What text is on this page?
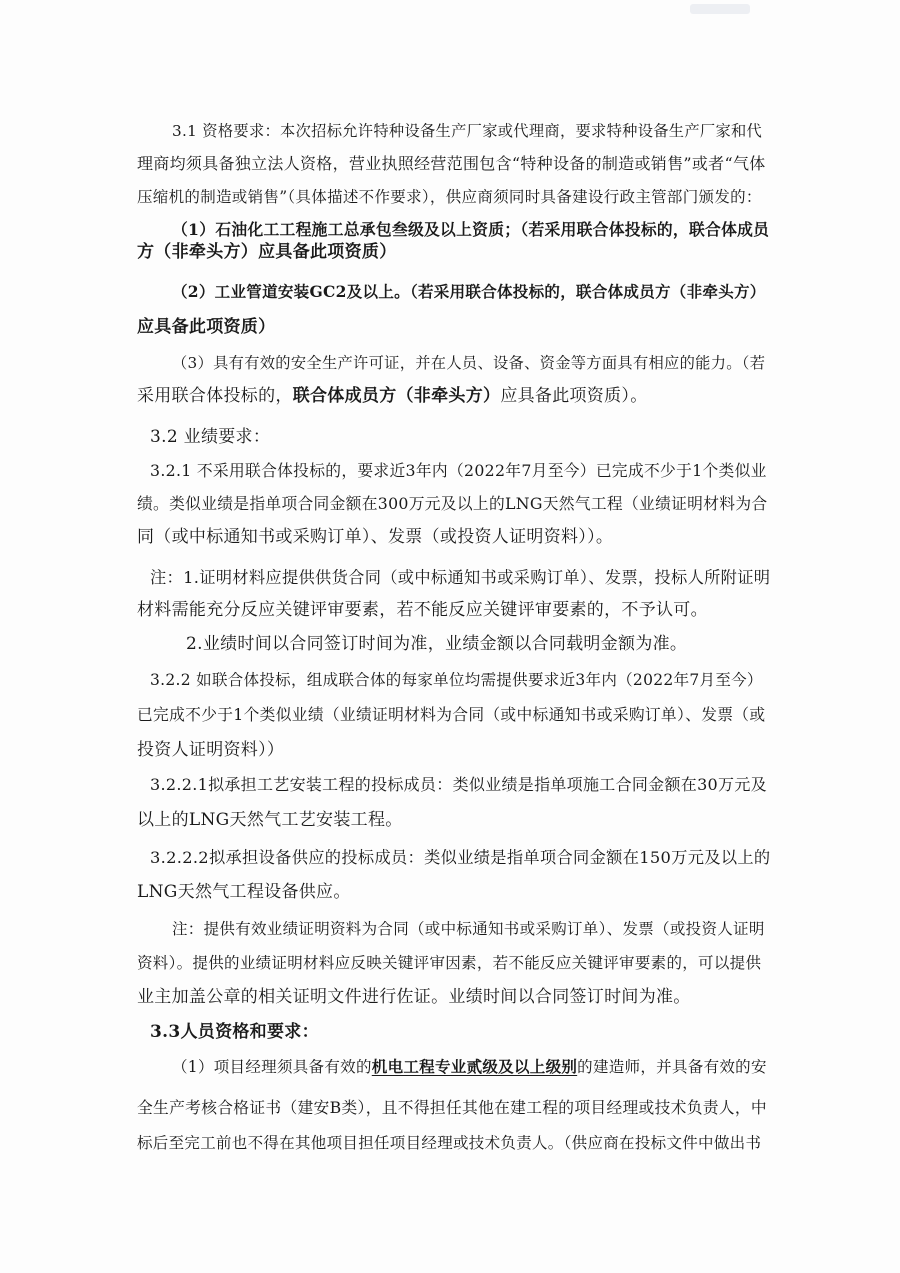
3.1 资格要求：本次招标允许特种设备生产厂家或代理商，要求特种设备生产厂家和代
理商均须具备独立法人资格，营业执照经营范围包含“特种设备的制造或销售”或者“气体
压缩机的制造或销售”（具体描述不作要求），供应商须同时具备建设行政主管部门颁发的：
（1）石油化工工程施工总承包叁级及以上资质；（若采用联合体投标的，联合体成员
方（非牵头方）应具备此项资质）
（2）工业管道安装GC2及以上。（若采用联合体投标的，联合体成员方（非牵头方）
应具备此项资质）
（3）具有有效的安全生产许可证，并在人员、设备、资金等方面具有相应的能力。（若
采用联合体投标的，联合体成员方（非牵头方）应具备此项资质）。
3.2 业绩要求：
3.2.1 不采用联合体投标的，要求近3年内（2022年7月至今）已完成不少于1个类似业
绩。类似业绩是指单项合同金额在300万元及以上的LNG天然气工程（业绩证明材料为合
同（或中标通知书或采购订单）、发票（或投资人证明资料））。
注：1.证明材料应提供供货合同（或中标通知书或采购订单）、发票，投标人所附证明
材料需能充分反应关键评审要素，若不能反应关键评审要素的，不予认可。
2.业绩时间以合同签订时间为准，业绩金额以合同载明金额为准。
3.2.2 如联合体投标，组成联合体的每家单位均需提供要求近3年内（2022年7月至今）
已完成不少于1个类似业绩（业绩证明材料为合同（或中标通知书或采购订单）、发票（或
投资人证明资料））
3.2.2.1拟承担工艺安装工程的投标成员：类似业绩是指单项施工合同金额在30万元及
以上的LNG天然气工艺安装工程。
3.2.2.2拟承担设备供应的投标成员：类似业绩是指单项合同金额在150万元及以上的
LNG天然气工程设备供应。
注：提供有效业绩证明资料为合同（或中标通知书或采购订单）、发票（或投资人证明
资料）。提供的业绩证明材料应反映关键评审因素，若不能反应关键评审要素的，可以提供
业主加盖公章的相关证明文件进行佐证。业绩时间以合同签订时间为准。
3.3人员资格和要求：
（1）项目经理须具备有效的机电工程专业贰级及以上级别的建造师，并具备有效的安
全生产考核合格证书（建安B类），且不得担任其他在建工程的项目经理或技术负责人，中
标后至完工前也不得在其他项目担任项目经理或技术负责人。（供应商在投标文件中做出书
